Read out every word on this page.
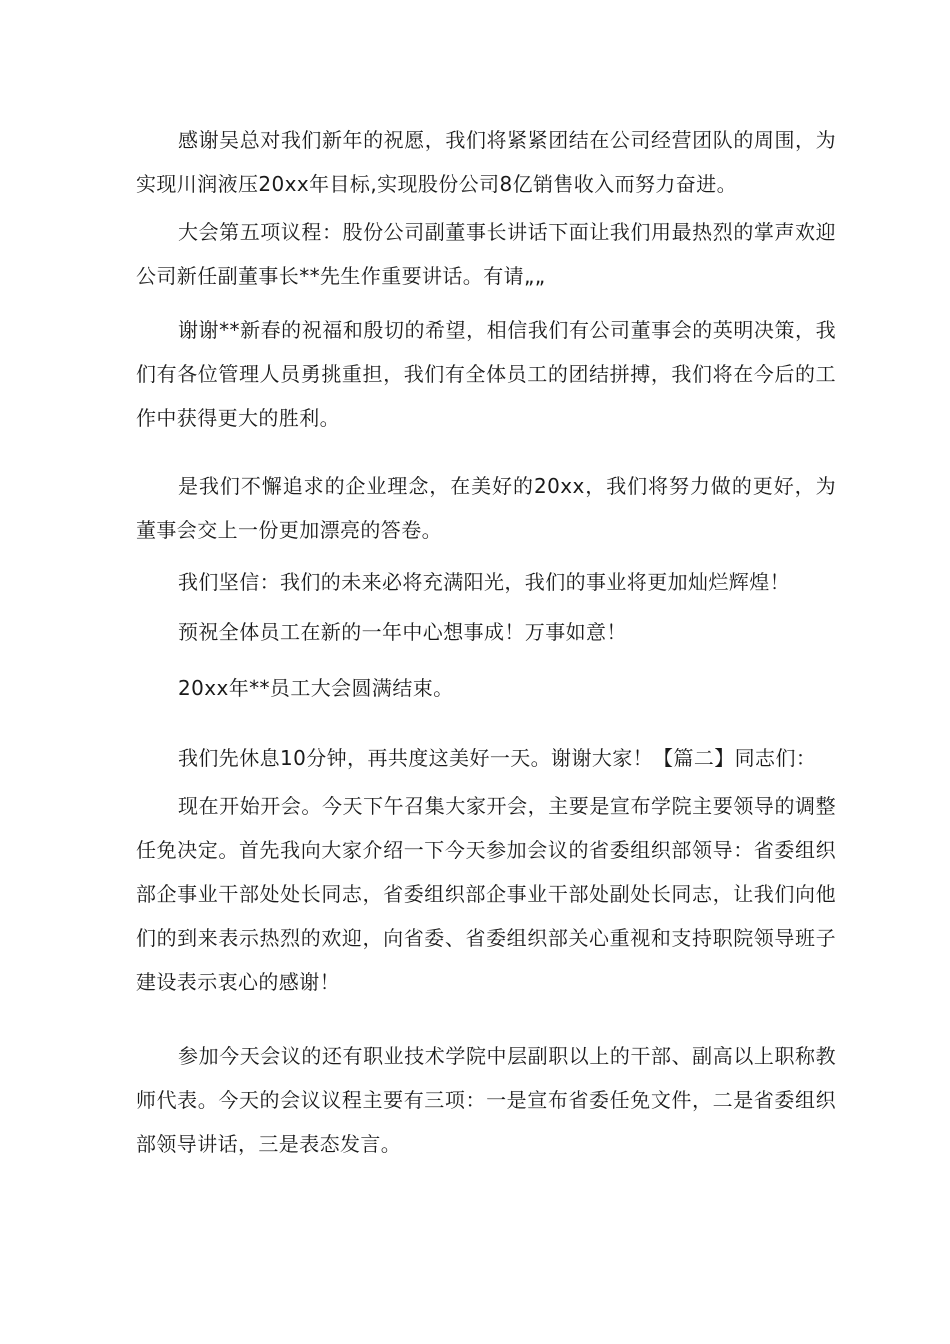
感谢吴总对我们新年的祝愿，我们将紧紧团结在公司经营团队的周围，为实现川润液压20xx年目标,实现股份公司8亿销售收入而努力奋进。

大会第五项议程：股份公司副董事长讲话下面让我们用最热烈的掌声欢迎公司新任副董事长**先生作重要讲话。有请„„

谢谢**新春的祝福和殷切的希望，相信我们有公司董事会的英明决策，我们有各位管理人员勇挑重担，我们有全体员工的团结拼搏，我们将在今后的工作中获得更大的胜利。

是我们不懈追求的企业理念，在美好的20xx，我们将努力做的更好，为董事会交上一份更加漂亮的答卷。

我们坚信：我们的未来必将充满阳光，我们的事业将更加灿烂辉煌！

预祝全体员工在新的一年中心想事成！万事如意！

20xx年**员工大会圆满结束。

我们先休息10分钟，再共度这美好一天。谢谢大家！【篇二】同志们：

现在开始开会。今天下午召集大家开会，主要是宣布学院主要领导的调整任免决定。首先我向大家介绍一下今天参加会议的省委组织部领导：省委组织部企事业干部处处长同志，省委组织部企事业干部处副处长同志，让我们向他们的到来表示热烈的欢迎，向省委、省委组织部关心重视和支持职院领导班子建设表示衷心的感谢！

参加今天会议的还有职业技术学院中层副职以上的干部、副高以上职称教师代表。今天的会议议程主要有三项：一是宣布省委任免文件，二是省委组织部领导讲话，三是表态发言。
